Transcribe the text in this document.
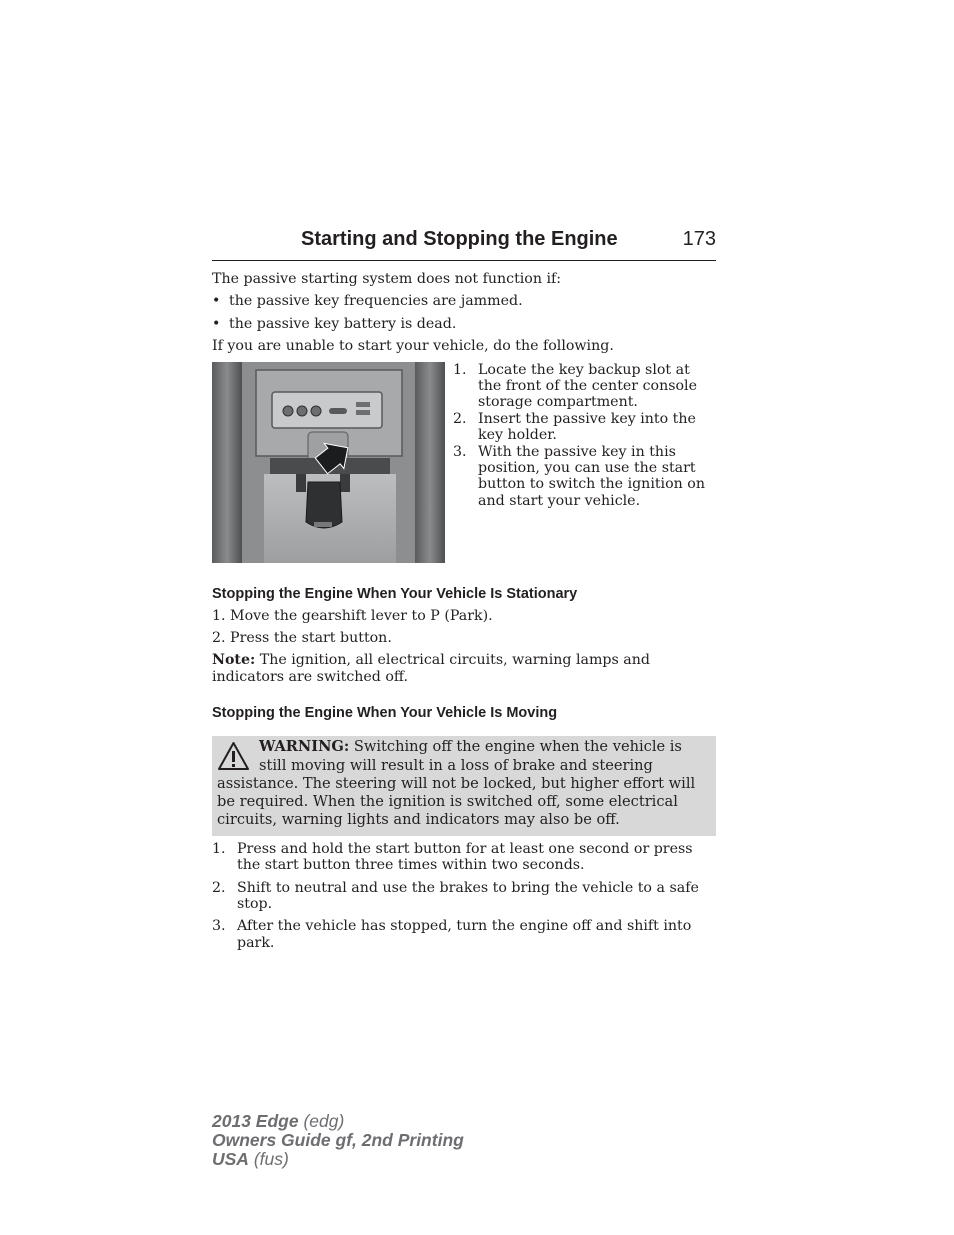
Starting and Stopping the Engine	173

The passive starting system does not function if:

• the passive key frequencies are jammed.
• the passive key battery is dead.

If you are unable to start your vehicle, do the following.

1. Locate the key backup slot at the front of the center console storage compartment.
2. Insert the passive key into the key holder.
3. With the passive key in this position, you can use the start button to switch the ignition on and start your vehicle.
Stopping the Engine When Your Vehicle Is Stationary

1. Move the gearshift lever to P (Park).

2. Press the start button.

Note: The ignition, all electrical circuits, warning lamps and indicators are switched off.

Stopping the Engine When Your Vehicle Is Moving
WARNING: Switching off the engine when the vehicle is still moving will result in a loss of brake and steering assistance. The steering will not be locked, but higher effort will be required. When the ignition is switched off, some electrical circuits, warning lights and indicators may also be off.
1. Press and hold the start button for at least one second or press the start button three times within two seconds.
2. Shift to neutral and use the brakes to bring the vehicle to a safe stop.
3. After the vehicle has stopped, turn the engine off and shift into park.
2013 Edge (edg)
Owners Guide gf, 2nd Printing
USA (fus)
